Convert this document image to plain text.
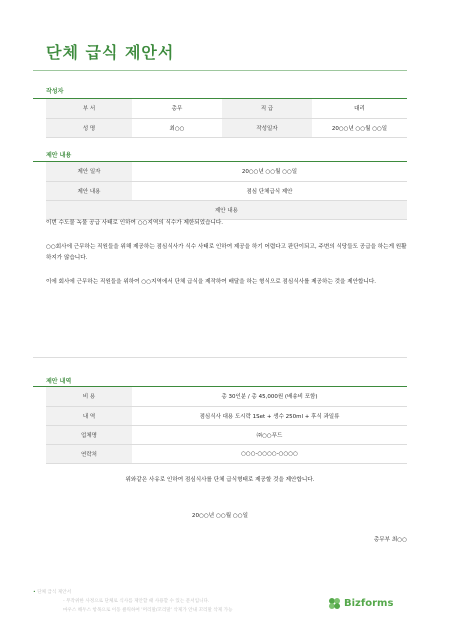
단체 급식 제안서
작성자
부 서	총무	직 급	대리
성 명	최○○	작성일자	20○○년 ○○월 ○○일
제안 내용
제안 일자	20○○년 ○○월 ○○일
제안 내용	점심 단체급식 제안
제안 내용	
이번 수도물 녹물 공급 사태로 인하여 ○○지역의 식수가 제한되었습니다.
○○회사에 근무하는 직원들을 위해 제공하는 점심식사가 식수 사태로 인하여 제공을 하기 어렵다고 판단이되고, 주변의 식당들도 공급을 하는게 원활하지가 않습니다.
이에 회사에 근무하는 직원들을 위하여 ○○지역에서 단체 급식을 제작하여 배달을 하는 형식으로 점심식사를 제공하는 것을 제안합니다.
제안 내역
비 용	총 30인분 / 총 45,000원 (배송비 포함)
내 역	점심식사 대용 도시락 1Set + 생수 250ml + 후식 과일류
업체명	㈜○○푸드
연락처	○○○-○○○○-○○○○
위와같은 사유로 인하여 점심식사를 단체 급식형태로 제공할 것을 제안합니다.
20○○년 ○○월 ○○일
총무부 최○○
• 단체 급식 제안서
- 무작위한 사정으로 단체로 식사를 제안할 때 사용할 수 있는 문서입니다.
마우스 해두스 항목으로 이동 클릭하여 '머리말/꼬리말' 삭제가 안내 꼬리말 삭제 가능
Bizforms
